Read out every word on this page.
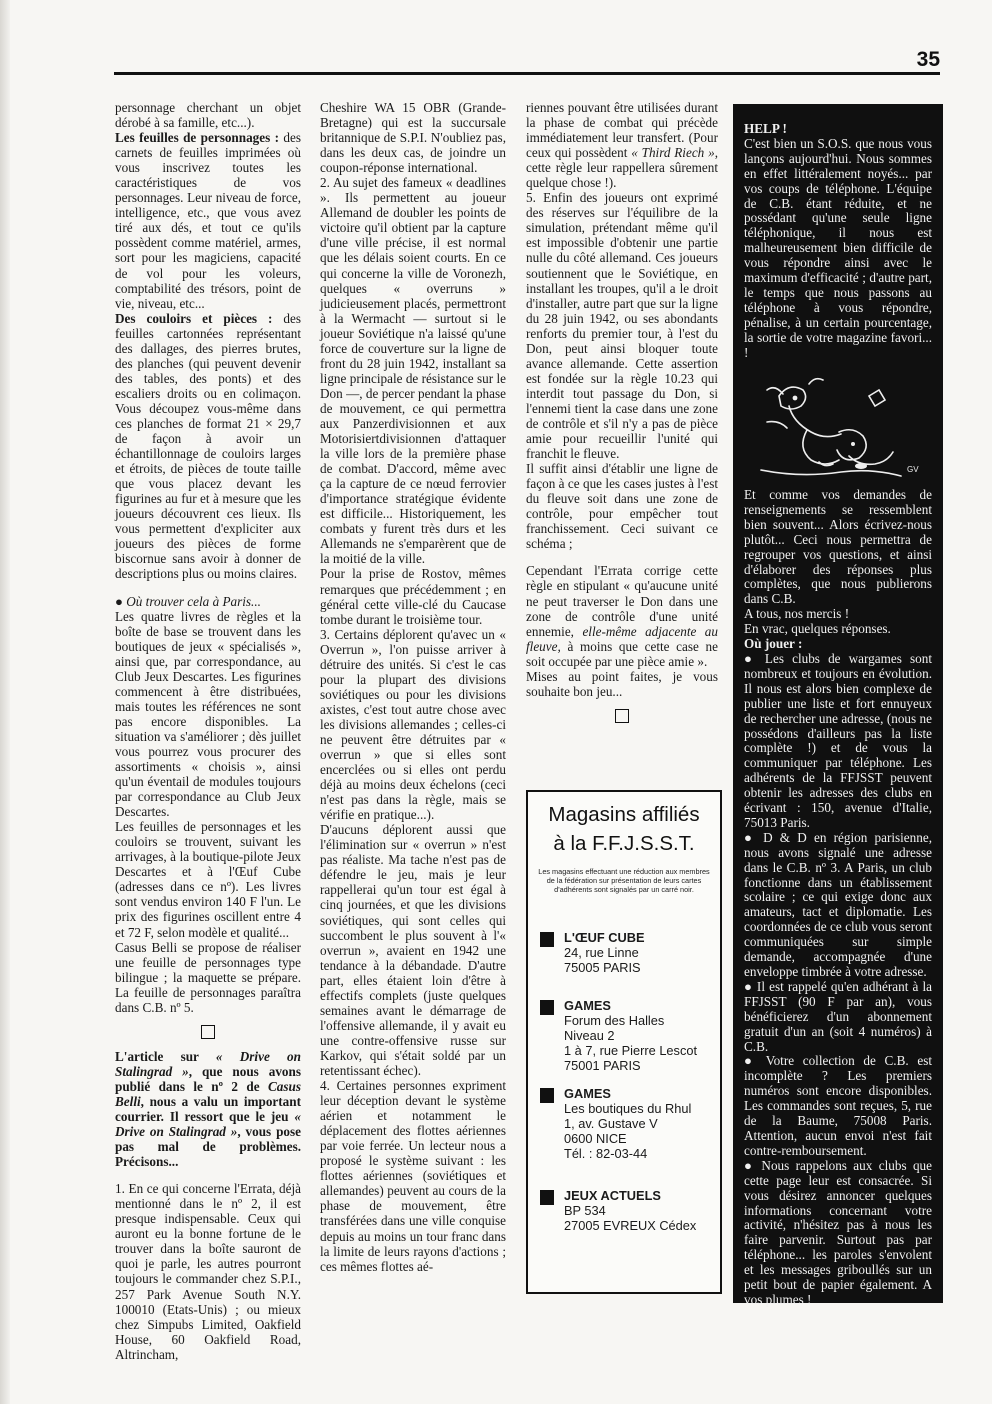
35

personnage cherchant un objet dérobé à sa famille, etc...).

Les feuilles de personnages : des carnets de feuilles imprimées où vous inscrivez toutes les caractéristiques de vos personnages. Leur niveau de force, intelligence, etc., que vous avez tiré aux dés, et tout ce qu'ils possèdent comme matériel, armes, sort pour les magiciens, capacité de vol pour les voleurs, comptabilité des trésors, point de vie, niveau, etc...

Des couloirs et pièces : des feuilles cartonnées représentant des dallages, des pierres brutes, des planches (qui peuvent devenir des tables, des ponts) et des escaliers droits ou en colimaçon. Vous découpez vous-même dans ces planches de format 21 × 29,7 de façon à avoir un échantillonnage de couloirs larges et étroits, de pièces de toute taille que vous placez devant les figurines au fur et à mesure que les joueurs découvrent ces lieux. Ils vous permettent d'expliciter aux joueurs des pièces de forme biscornue sans avoir à donner de descriptions plus ou moins claires.

● Où trouver cela à Paris...

Les quatre livres de règles et la boîte de base se trouvent dans les boutiques de jeux « spécialisés », ainsi que, par correspondance, au Club Jeux Descartes. Les figurines commencent à être distribuées, mais toutes les références ne sont pas encore disponibles. La situation va s'améliorer ; dès juillet vous pourrez vous procurer des assortiments « choisis », ainsi qu'un éventail de modules toujours par correspondance au Club Jeux Descartes.

Les feuilles de personnages et les couloirs se trouvent, suivant les arrivages, à la boutique-pilote Jeux Descartes et à l'Œuf Cube (adresses dans ce nº). Les livres sont vendus environ 140 F l'un. Le prix des figurines oscillent entre 4 et 72 F, selon modèle et qualité...

Casus Belli se propose de réaliser une feuille de personnages type bilingue ; la maquette se prépare. La feuille de personnages paraîtra dans C.B. nº 5.

L'article sur « Drive on Stalingrad », que nous avons publié dans le nº 2 de Casus Belli, nous a valu un important courrier. Il ressort que le jeu « Drive on Stalingrad », vous pose pas mal de problèmes. Précisons...

1. En ce qui concerne l'Errata, déjà mentionné dans le nº 2, il est presque indispensable. Ceux qui auront eu la bonne fortune de le trouver dans la boîte sauront de quoi je parle, les autres pourront toujours le commander chez S.P.I., 257 Park Avenue South N.Y. 100010 (Etats-Unis) ; ou mieux chez Simpubs Limited, Oakfield House, 60 Oakfield Road, Altrincham,

Cheshire WA 15 OBR (Grande-Bretagne) qui est la succursale britannique de S.P.I. N'oubliez pas, dans les deux cas, de joindre un coupon-réponse international.

2. Au sujet des fameux « deadlines ». Ils permettent au joueur Allemand de doubler les points de victoire qu'il obtient par la capture d'une ville précise, il est normal que les délais soient courts. En ce qui concerne la ville de Voronezh, quelques « overruns » judicieusement placés, permettront à la Wermacht — surtout si le joueur Soviétique n'a laissé qu'une force de couverture sur la ligne de front du 28 juin 1942, installant sa ligne principale de résistance sur le Don —, de percer pendant la phase de mouvement, ce qui permettra aux Panzerdivisionnen et aux Motorisiertdivisionnen d'attaquer la ville lors de la première phase de combat. D'accord, même avec ça la capture de ce nœud ferrovier d'importance stratégique évidente est difficile... Historiquement, les combats y furent très durs et les Allemands ne s'emparèrent que de la moitié de la ville.

Pour la prise de Rostov, mêmes remarques que précédemment ; en général cette ville-clé du Caucase tombe durant le troisième tour.

3. Certains déplorent qu'avec un « Overrun », l'on puisse arriver à détruire des unités. Si c'est le cas pour la plupart des divisions soviétiques ou pour les divisions axistes, c'est tout autre chose avec les divisions allemandes ; celles-ci ne peuvent être détruites par « overrun » que si elles sont encerclées ou si elles ont perdu déjà au moins deux échelons (ceci n'est pas dans la règle, mais se vérifie en pratique...).

D'aucuns déplorent aussi que l'élimination sur « overrun » n'est pas réaliste. Ma tache n'est pas de défendre le jeu, mais je leur rappellerai qu'un tour est égal à cinq journées, et que les divisions soviétiques, qui sont celles qui succombent le plus souvent à l'« overrun », avaient en 1942 une tendance à la débandade. D'autre part, elles étaient loin d'être à effectifs complets (juste quelques semaines avant le démarrage de l'offensive allemande, il y avait eu une contre-offensive russe sur Karkov, qui s'était soldé par un retentissant échec).

4. Certaines personnes expriment leur déception devant le système aérien et notamment le déplacement des flottes aériennes par voie ferrée. Un lecteur nous a proposé le système suivant : les flottes aériennes (soviétiques et allemandes) peuvent au cours de la phase de mouvement, être transférées dans une ville conquise depuis au moins un tour franc dans la limite de leurs rayons d'actions ; ces mêmes flottes aé-

riennes pouvant être utilisées durant la phase de combat qui précède immédiatement leur transfert. (Pour ceux qui possèdent « Third Riech », cette règle leur rappellera sûrement quelque chose !).

5. Enfin des joueurs ont exprimé des réserves sur l'équilibre de la simulation, prétendant même qu'il est impossible d'obtenir une partie nulle du côté allemand. Ces joueurs soutiennent que le Soviétique, en installant les troupes, qu'il a le droit d'installer, autre part que sur la ligne du 28 juin 1942, ou ses abondants renforts du premier tour, à l'est du Don, peut ainsi bloquer toute avance allemande. Cette assertion est fondée sur la règle 10.23 qui interdit tout passage du Don, si l'ennemi tient la case dans une zone de contrôle et s'il n'y a pas de pièce amie pour recueillir l'unité qui franchit le fleuve.

Il suffit ainsi d'établir une ligne de façon à ce que les cases justes à l'est du fleuve soit dans une zone de contrôle, pour empêcher tout franchissement. Ceci suivant ce schéma ;

Cependant l'Errata corrige cette règle en stipulant « qu'aucune unité ne peut traverser le Don dans une zone de contrôle d'une unité ennemie, elle-même adjacente au fleuve, à moins que cette case ne soit occupée par une pièce amie ».

Mises au point faites, je vous souhaite bon jeu...

Magasins affiliés
à la F.F.J.S.S.T.
Les magasins effectuant une réduction aux membres de la fédération sur présentation de leurs cartes d'adhérents sont signalés par un carré noir.
L'ŒUF CUBE
24, rue Linne
75005 PARIS
GAMES
Forum des Halles
Niveau 2
1 à 7, rue Pierre Lescot
75001 PARIS
GAMES
Les boutiques du Rhul
1, av. Gustave V
0600 NICE
Tél. : 82-03-44
JEUX ACTUELS
BP 534
27005 EVREUX Cédex

HELP !

C'est bien un S.O.S. que nous vous lançons aujourd'hui. Nous sommes en effet littéralement noyés... par vos coups de téléphone. L'équipe de C.B. étant réduite, et ne possédant qu'une seule ligne téléphonique, il nous est malheureusement bien difficile de vous répondre ainsi avec le maximum d'efficacité ; d'autre part, le temps que nous passons au téléphone à vous répondre, pénalise, à un certain pourcentage, la sortie de votre magazine favori... !

GV

Et comme vos demandes de renseignements se ressemblent bien souvent... Alors écrivez-nous plutôt... Ceci nous permettra de regrouper vos questions, et ainsi d'élaborer des réponses plus complètes, que nous publierons dans C.B.

A tous, nos mercis !

En vrac, quelques réponses.

Où jouer :

● Les clubs de wargames sont nombreux et toujours en évolution. Il nous est alors bien complexe de publier une liste et fort ennuyeux de rechercher une adresse, (nous ne possédons d'ailleurs pas la liste complète !) et de vous la communiquer par téléphone. Les adhérents de la FFJSST peuvent obtenir les adresses des clubs en écrivant : 150, avenue d'Italie, 75013 Paris.

● D & D en région parisienne, nous avons signalé une adresse dans le C.B. nº 3. A Paris, un club fonctionne dans un établissement scolaire ; ce qui exige donc aux amateurs, tact et diplomatie. Les coordonnées de ce club vous seront communiquées sur simple demande, accompagnée d'une enveloppe timbrée à votre adresse.

● Il est rappelé qu'en adhérant à la FFJSST (90 F par an), vous bénéficierez d'un abonnement gratuit d'un an (soit 4 numéros) à C.B.

● Votre collection de C.B. est incomplète ? Les premiers numéros sont encore disponibles. Les commandes sont reçues, 5, rue de la Baume, 75008 Paris. Attention, aucun envoi n'est fait contre-remboursement.

● Nous rappelons aux clubs que cette page leur est consacrée. Si vous désirez annoncer quelques informations concernant votre activité, n'hésitez pas à nous les faire parvenir. Surtout pas par téléphone... les paroles s'envolent et les messages griboullés sur un petit bout de papier également. A vos plumes !
